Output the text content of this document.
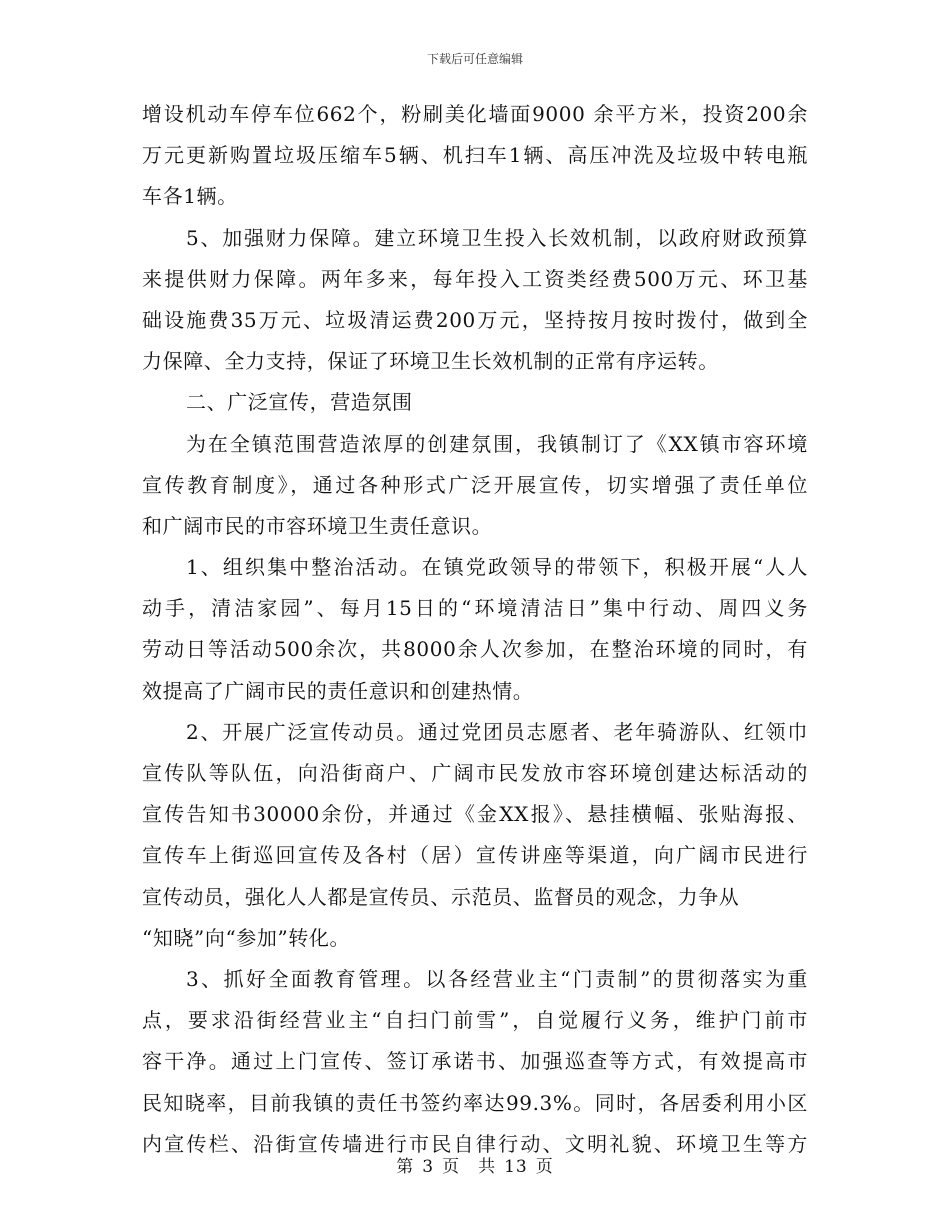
下载后可任意编辑
增设机动车停车位662个，粉刷美化墙面9000 余平方米，投资200余
万元更新购置垃圾压缩车5辆、机扫车1辆、高压冲洗及垃圾中转电瓶
车各1辆。
5、加强财力保障。建立环境卫生投入长效机制，以政府财政预算
来提供财力保障。两年多来，每年投入工资类经费500万元、环卫基
础设施费35万元、垃圾清运费200万元，坚持按月按时拨付，做到全
力保障、全力支持，保证了环境卫生长效机制的正常有序运转。
二、广泛宣传，营造氛围
为在全镇范围营造浓厚的创建氛围，我镇制订了《XX镇市容环境
宣传教育制度》，通过各种形式广泛开展宣传，切实增强了责任单位
和广阔市民的市容环境卫生责任意识。
1、组织集中整治活动。在镇党政领导的带领下，积极开展“人人
动手，清洁家园”、每月15日的“环境清洁日”集中行动、周四义务
劳动日等活动500余次，共8000余人次参加，在整治环境的同时，有
效提高了广阔市民的责任意识和创建热情。
2、开展广泛宣传动员。通过党团员志愿者、老年骑游队、红领巾
宣传队等队伍，向沿街商户、广阔市民发放市容环境创建达标活动的
宣传告知书30000余份，并通过《金XX报》、悬挂横幅、张贴海报、
宣传车上街巡回宣传及各村（居）宣传讲座等渠道，向广阔市民进行
宣传动员，强化人人都是宣传员、示范员、监督员的观念，力争从
“知晓”向“参加”转化。
3、抓好全面教育管理。以各经营业主“门责制”的贯彻落实为重
点，要求沿街经营业主“自扫门前雪”，自觉履行义务，维护门前市
容干净。通过上门宣传、签订承诺书、加强巡查等方式，有效提高市
民知晓率，目前我镇的责任书签约率达99.3%。同时，各居委利用小区
内宣传栏、沿街宣传墙进行市民自律行动、文明礼貌、环境卫生等方
第 3 页　共 13 页
